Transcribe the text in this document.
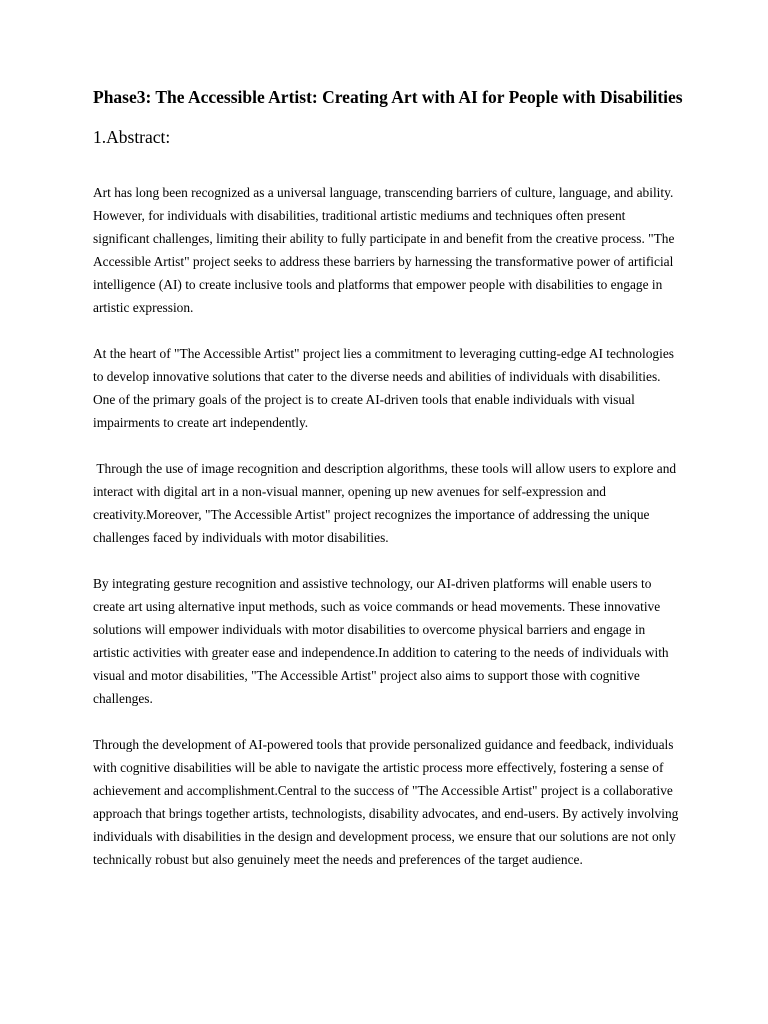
Phase3: The Accessible Artist: Creating Art with AI for People with Disabilities
1.Abstract:

Art has long been recognized as a universal language, transcending barriers of culture, language, and ability. However, for individuals with disabilities, traditional artistic mediums and techniques often present significant challenges, limiting their ability to fully participate in and benefit from the creative process. "The Accessible Artist" project seeks to address these barriers by harnessing the transformative power of artificial intelligence (AI) to create inclusive tools and platforms that empower people with disabilities to engage in artistic expression.

At the heart of "The Accessible Artist" project lies a commitment to leveraging cutting-edge AI technologies to develop innovative solutions that cater to the diverse needs and abilities of individuals with disabilities. One of the primary goals of the project is to create AI-driven tools that enable individuals with visual impairments to create art independently.

Through the use of image recognition and description algorithms, these tools will allow users to explore and interact with digital art in a non-visual manner, opening up new avenues for self-expression and creativity.Moreover, "The Accessible Artist" project recognizes the importance of addressing the unique challenges faced by individuals with motor disabilities.

By integrating gesture recognition and assistive technology, our AI-driven platforms will enable users to create art using alternative input methods, such as voice commands or head movements. These innovative solutions will empower individuals with motor disabilities to overcome physical barriers and engage in artistic activities with greater ease and independence.In addition to catering to the needs of individuals with visual and motor disabilities, "The Accessible Artist" project also aims to support those with cognitive challenges.

Through the development of AI-powered tools that provide personalized guidance and feedback, individuals with cognitive disabilities will be able to navigate the artistic process more effectively, fostering a sense of achievement and accomplishment.Central to the success of "The Accessible Artist" project is a collaborative approach that brings together artists, technologists, disability advocates, and end-users. By actively involving individuals with disabilities in the design and development process, we ensure that our solutions are not only technically robust but also genuinely meet the needs and preferences of the target audience.
